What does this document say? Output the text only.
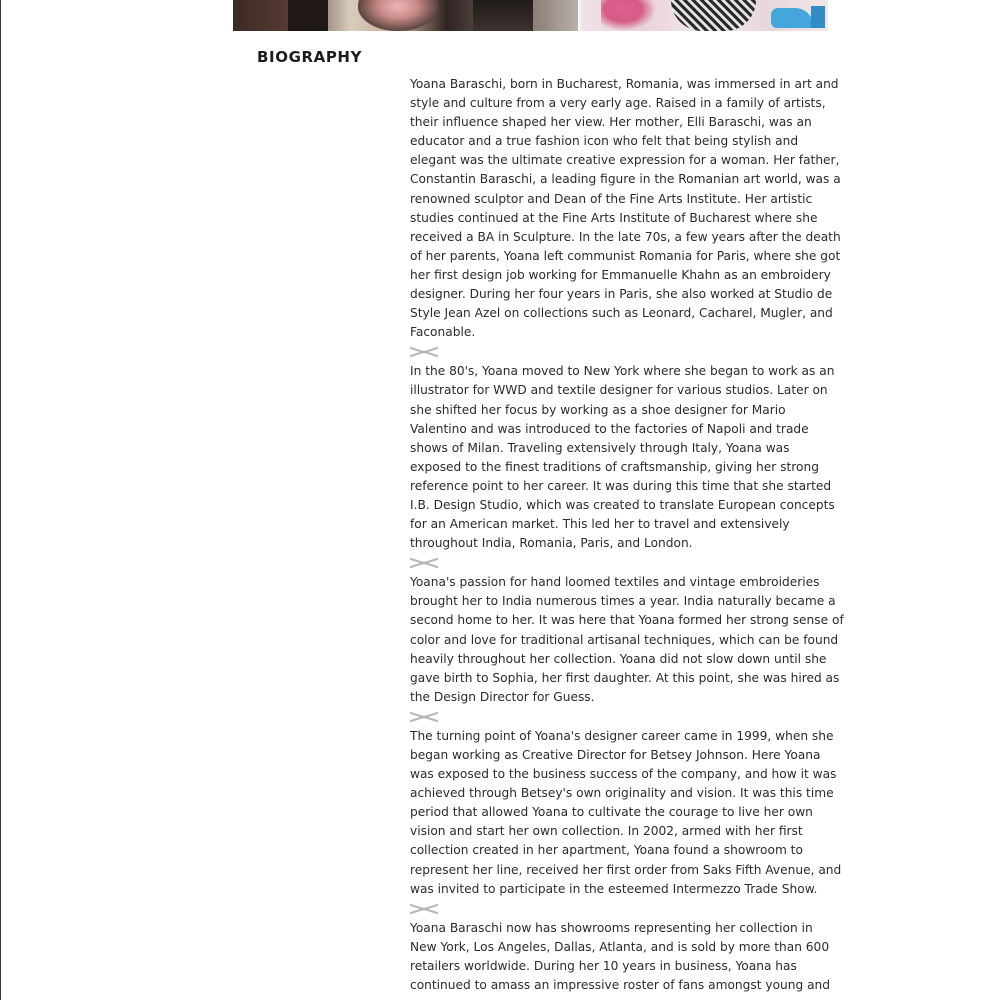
BIOGRAPHY

Yoana Baraschi, born in Bucharest, Romania, was immersed in art and
style and culture from a very early age. Raised in a family of artists,
their influence shaped her view. Her mother, Elli Baraschi, was an
educator and a true fashion icon who felt that being stylish and
elegant was the ultimate creative expression for a woman. Her father,
Constantin Baraschi, a leading figure in the Romanian art world, was a
renowned sculptor and Dean of the Fine Arts Institute. Her artistic
studies continued at the Fine Arts Institute of Bucharest where she
received a BA in Sculpture. In the late 70s, a few years after the death
of her parents, Yoana left communist Romania for Paris, where she got
her first design job working for Emmanuelle Khahn as an embroidery
designer. During her four years in Paris, she also worked at Studio de
Style Jean Azel on collections such as Leonard, Cacharel, Mugler, and
Faconable.

In the 80's, Yoana moved to New York where she began to work as an
illustrator for WWD and textile designer for various studios. Later on
she shifted her focus by working as a shoe designer for Mario
Valentino and was introduced to the factories of Napoli and trade
shows of Milan. Traveling extensively through Italy, Yoana was
exposed to the finest traditions of craftsmanship, giving her strong
reference point to her career. It was during this time that she started
I.B. Design Studio, which was created to translate European concepts
for an American market. This led her to travel and extensively
throughout India, Romania, Paris, and London.

Yoana's passion for hand loomed textiles and vintage embroideries
brought her to India numerous times a year. India naturally became a
second home to her. It was here that Yoana formed her strong sense of
color and love for traditional artisanal techniques, which can be found
heavily throughout her collection. Yoana did not slow down until she
gave birth to Sophia, her first daughter. At this point, she was hired as
the Design Director for Guess.

The turning point of Yoana's designer career came in 1999, when she
began working as Creative Director for Betsey Johnson. Here Yoana
was exposed to the business success of the company, and how it was
achieved through Betsey's own originality and vision. It was this time
period that allowed Yoana to cultivate the courage to live her own
vision and start her own collection. In 2002, armed with her first
collection created in her apartment, Yoana found a showroom to
represent her line, received her first order from Saks Fifth Avenue, and
was invited to participate in the esteemed Intermezzo Trade Show.

Yoana Baraschi now has showrooms representing her collection in
New York, Los Angeles, Dallas, Atlanta, and is sold by more than 600
retailers worldwide. During her 10 years in business, Yoana has
continued to amass an impressive roster of fans amongst young and
